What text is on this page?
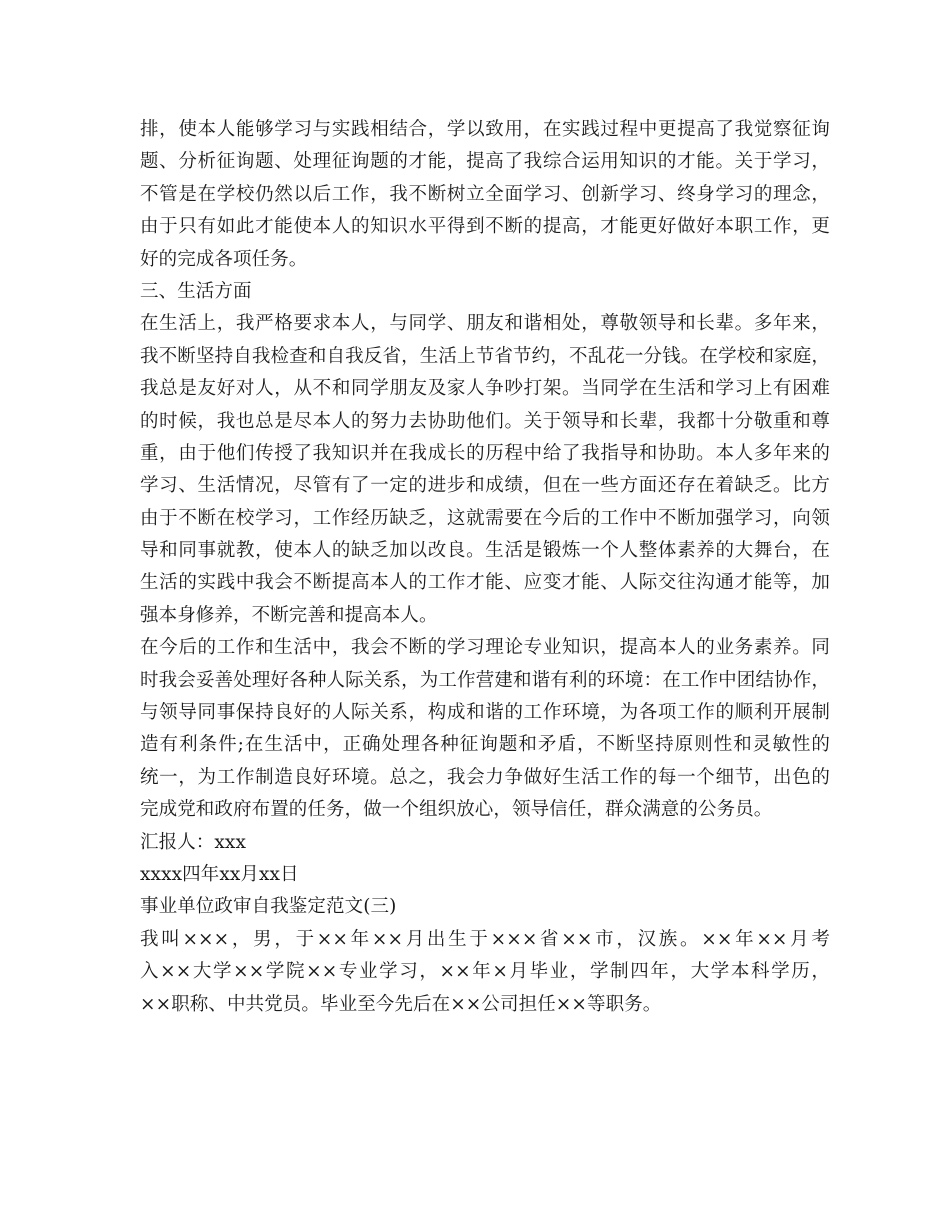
排，使本人能够学习与实践相结合，学以致用，在实践过程中更提高了我觉察征询
题、分析征询题、处理征询题的才能，提高了我综合运用知识的才能。关于学习，
不管是在学校仍然以后工作，我不断树立全面学习、创新学习、终身学习的理念，
由于只有如此才能使本人的知识水平得到不断的提高，才能更好做好本职工作，更
好的完成各项任务。
三、生活方面
在生活上，我严格要求本人，与同学、朋友和谐相处，尊敬领导和长辈。多年来，
我不断坚持自我检查和自我反省，生活上节省节约，不乱花一分钱。在学校和家庭，
我总是友好对人，从不和同学朋友及家人争吵打架。当同学在生活和学习上有困难
的时候，我也总是尽本人的努力去协助他们。关于领导和长辈，我都十分敬重和尊
重，由于他们传授了我知识并在我成长的历程中给了我指导和协助。本人多年来的
学习、生活情况，尽管有了一定的进步和成绩，但在一些方面还存在着缺乏。比方
由于不断在校学习，工作经历缺乏，这就需要在今后的工作中不断加强学习，向领
导和同事就教，使本人的缺乏加以改良。生活是锻炼一个人整体素养的大舞台，在
生活的实践中我会不断提高本人的工作才能、应变才能、人际交往沟通才能等，加
强本身修养，不断完善和提高本人。
在今后的工作和生活中，我会不断的学习理论专业知识，提高本人的业务素养。同
时我会妥善处理好各种人际关系，为工作营建和谐有利的环境：在工作中团结协作，
与领导同事保持良好的人际关系，构成和谐的工作环境，为各项工作的顺利开展制
造有利条件;在生活中，正确处理各种征询题和矛盾，不断坚持原则性和灵敏性的
统一，为工作制造良好环境。总之，我会力争做好生活工作的每一个细节，出色的
完成党和政府布置的任务，做一个组织放心，领导信任，群众满意的公务员。
汇报人：xxx
xxxx四年xx月xx日
事业单位政审自我鉴定范文(三)
我叫×××，男，于××年××月出生于×××省××市，汉族。××年××月考
入××大学××学院××专业学习，××年×月毕业，学制四年，大学本科学历，
××职称、中共党员。毕业至今先后在××公司担任××等职务。
